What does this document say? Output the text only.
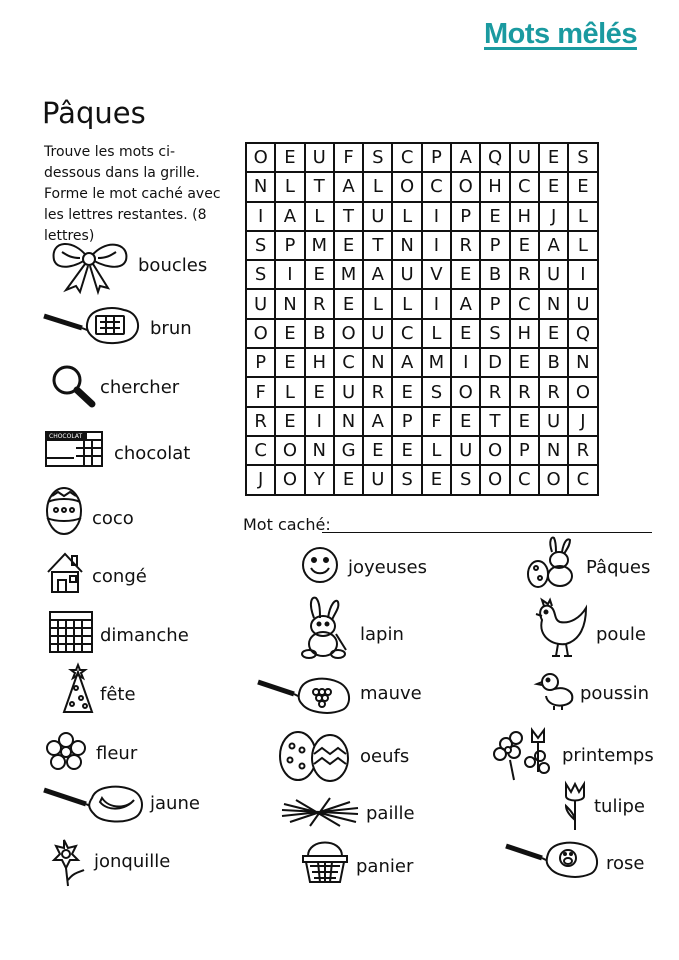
Mots mêlés
Pâques
Trouve les mots ci-dessous dans la grille. Forme le mot caché avec les lettres restantes. (8 lettres)
O	E	U	F	S	C	P	A	Q	U	E	S
N	L	T	A	L	O	C	O	H	C	E	E
I	A	L	T	U	L	I	P	E	H	J	L
S	P	M	E	T	N	I	R	P	E	A	L
S	I	E	M	A	U	V	E	B	R	U	I
U	N	R	E	L	L	I	A	P	C	N	U
O	E	B	O	U	C	L	E	S	H	E	Q
P	E	H	C	N	A	M	I	D	E	B	N
F	L	E	U	R	E	S	O	R	R	R	O
R	E	I	N	A	P	F	E	T	E	U	J
C	O	N	G	E	E	L	U	O	P	N	R
J	O	Y	E	U	S	E	S	O	C	O	C
Mot caché:
boucles
brun
chercher
CHOCOLAT
chocolat
coco
congé
dimanche
fête
fleur
jaune
jonquille
joyeuses
lapin
mauve
oeufs
paille
panier
Pâques
poule
poussin
printemps
tulipe
rose
